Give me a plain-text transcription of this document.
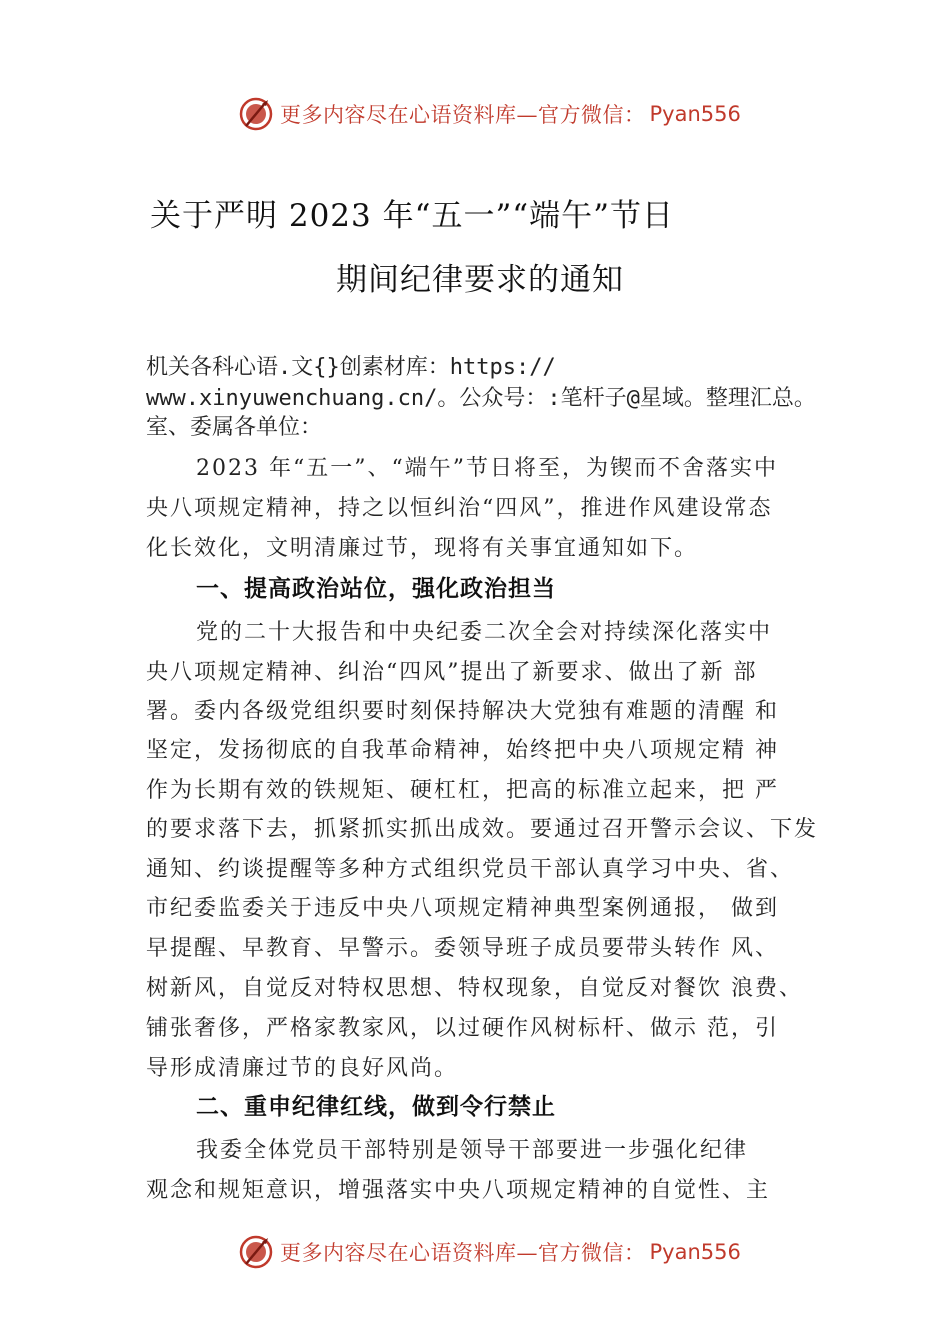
更多内容尽在心语资料库—官方微信： Pyan556
关于严明 2023 年“五一”“端午”节日
期间纪律要求的通知
机关各科心语.文{}创素材库：https://
www.xinyuwenchuang.cn/。公众号：:笔杆子@星域。整理汇总。
室、委属各单位：
2023 年“五一”、“端午”节日将至，为锲而不舍落实中
央八项规定精神，持之以恒纠治“四风”，推进作风建设常态
化长效化，文明清廉过节，现将有关事宜通知如下。
一、提高政治站位，强化政治担当
党的二十大报告和中央纪委二次全会对持续深化落实中
央八项规定精神、纠治“四风”提出了新要求、做出了新 部
署。委内各级党组织要时刻保持解决大党独有难题的清醒 和
坚定，发扬彻底的自我革命精神，始终把中央八项规定精 神
作为长期有效的铁规矩、硬杠杠，把高的标准立起来，把 严
的要求落下去，抓紧抓实抓出成效。要通过召开警示会议、下发
通知、约谈提醒等多种方式组织党员干部认真学习中央、省、
市纪委监委关于违反中央八项规定精神典型案例通报， 做到
早提醒、早教育、早警示。委领导班子成员要带头转作 风、
树新风，自觉反对特权思想、特权现象，自觉反对餐饮 浪费、
铺张奢侈，严格家教家风，以过硬作风树标杆、做示 范，引
导形成清廉过节的良好风尚。
二、重申纪律红线，做到令行禁止
我委全体党员干部特别是领导干部要进一步强化纪律
观念和规矩意识，增强落实中央八项规定精神的自觉性、主
更多内容尽在心语资料库—官方微信： Pyan556
